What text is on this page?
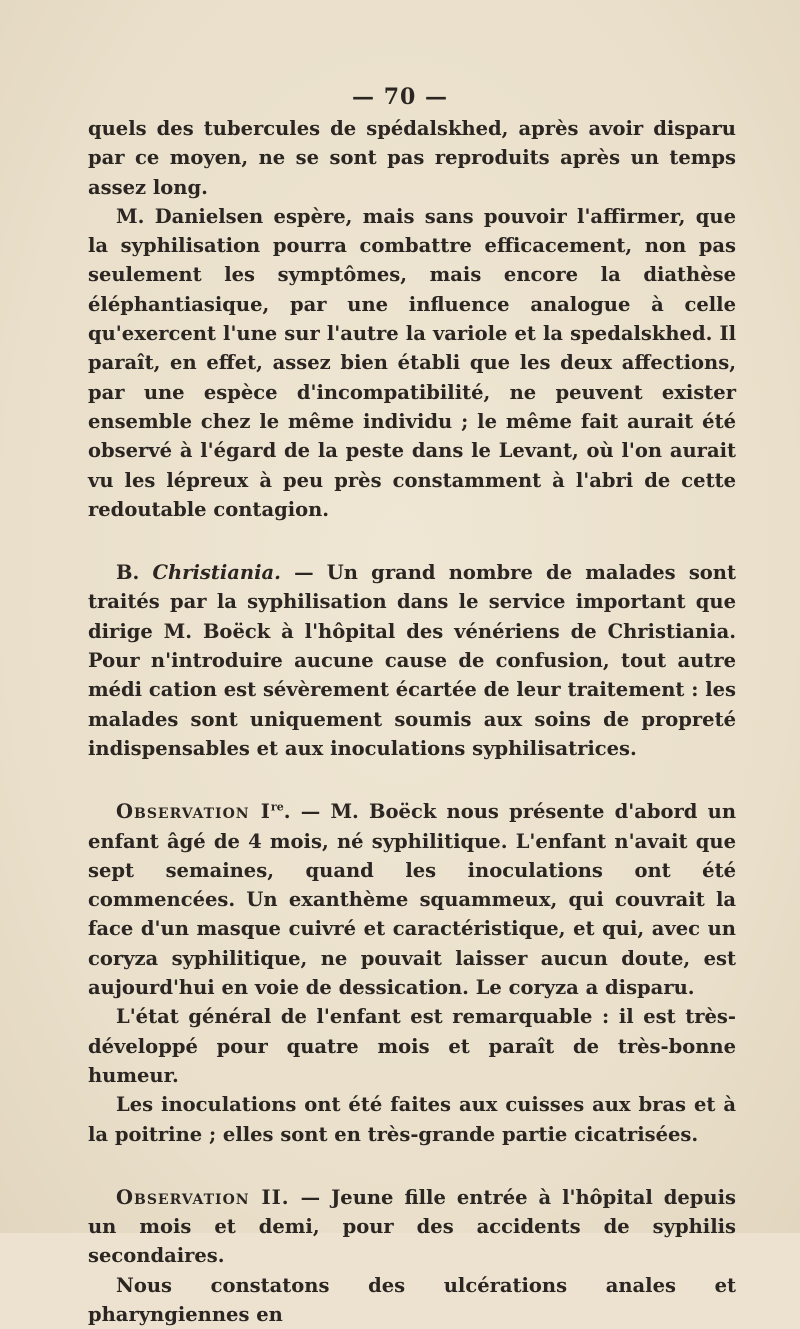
— 70 —

quels des tubercules de spédalskhed, après avoir disparu par ce moyen, ne se sont pas reproduits après un temps assez long.

M. Danielsen espère, mais sans pouvoir l'affirmer, que la syphilisation pourra combattre efficacement, non pas seulement les symptômes, mais encore la diathèse éléphantiasique, par une influence analogue à celle qu'exercent l'une sur l'autre la variole et la spedalskhed. Il paraît, en effet, assez bien établi que les deux affections, par une espèce d'incompatibilité, ne peuvent exister ensemble chez le même individu ; le même fait aurait été observé à l'égard de la peste dans le Levant, où l'on aurait vu les lépreux à peu près constamment à l'abri de cette redoutable contagion.

B. Christiania. — Un grand nombre de malades sont traités par la syphilisation dans le service important que dirige M. Boëck à l'hôpital des vénériens de Christiania. Pour n'introduire aucune cause de confusion, tout autre médi cation est sévèrement écartée de leur traitement : les malades sont uniquement soumis aux soins de propreté indispensables et aux inoculations syphilisatrices.

Observation Ire. — M. Boëck nous présente d'abord un enfant âgé de 4 mois, né syphilitique. L'enfant n'avait que sept semaines, quand les inoculations ont été commencées. Un exanthème squammeux, qui couvrait la face d'un masque cuivré et caractéristique, et qui, avec un coryza syphilitique, ne pouvait laisser aucun doute, est aujourd'hui en voie de dessication. Le coryza a disparu.

L'état général de l'enfant est remarquable : il est très-développé pour quatre mois et paraît de très-bonne humeur.

Les inoculations ont été faites aux cuisses aux bras et à la poitrine ; elles sont en très-grande partie cicatrisées.

Observation II. — Jeune fille entrée à l'hôpital depuis un mois et demi, pour des accidents de syphilis secondaires.

Nous constatons des ulcérations anales et pharyngiennes en
